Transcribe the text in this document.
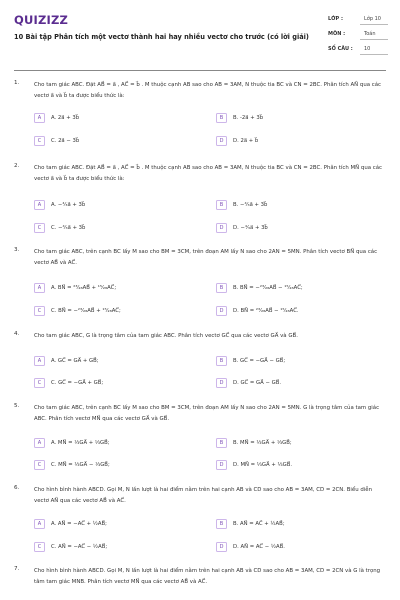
QUIZIZZ
10 Bài tập Phân tích một vectơ thành hai hay nhiều vectơ cho trước (có lời giải)
LỚP :	Lớp 10
MÔN :	Toán
SỐ CÂU : 10
1.	Cho tam giác ABC. Đặt AB⃗ = a⃗ , AC⃗ = b⃗ . M thuộc cạnh AB sao cho AB = 3AM, N thuộc tia BC và CN = 2BC. Phân tích AN⃗ qua các vectơ a⃗ và b⃗ ta được biểu thức là:
A	A. 2a⃗ + 3b⃗	B	B. -2a⃗ + 3b⃗
C	C. 2a⃗ − 3b⃗	D	D. 2a⃗ + b⃗
2.	Cho tam giác ABC. Đặt AB⃗ = a⃗ , AC⃗ = b⃗ . M thuộc cạnh AB sao cho AB = 3AM, N thuộc tia BC và CN = 2BC. Phân tích MN⃗ qua các vectơ a⃗ và b⃗ ta được biểu thức là:
A	A. −⁴⁄₃a⃗ + 3b⃗	B	B. −⁴⁄₃a⃗ + 3b⃗
C	C. −⁴⁄₃a⃗ + 3b⃗	D	D. −⁴⁄₃a⃗ + 3b⃗
3.	Cho tam giác ABC, trên cạnh BC lấy M sao cho BM = 3CM, trên đoạn AM lấy N sao cho 2AN = 5MN. Phân tích vectơ BN⃗ qua các vectơ AB⃗ và AC⃗.
A	A. BN⃗ = ²³⁄₂₈AB⃗ + ¹⁵⁄₂₈AC⃗;	B	B. BN⃗ = −²³⁄₂₈AB⃗ − ¹⁵⁄₂₈AC⃗;
C	C. BN⃗ = −²³⁄₂₈AB⃗ + ¹⁵⁄₂₈AC⃗;	D	D. BN⃗ = ²³⁄₂₈AB⃗ − ¹⁵⁄₂₈AC⃗.
4.	Cho tam giác ABC, G là trọng tâm của tam giác ABC. Phân tích vectơ GC⃗ qua các vectơ GA⃗ và GB⃗.
A	A. GC⃗ = GA⃗ + GB⃗;	B	B. GC⃗ = −GA⃗ − GB⃗;
C	C. GC⃗ = −GA⃗ + GB⃗;	D	D. GC⃗ = GA⃗ − GB⃗.
5.	Cho tam giác ABC, trên cạnh BC lấy M sao cho BM = 3CM, trên đoạn AM lấy N sao cho 2AN = 5MN. G là trọng tâm của tam giác ABC. Phân tích vectơ MN⃗ qua các vectơ GA⃗ và GB⃗.
A	A. MN⃗ = ⅓GA⃗ + ⅓GB⃗;	B	B. MN⃗ = ⅓GA⃗ + ⅓GB⃗;
C	C. MN⃗ = ⅓GA⃗ − ⅓GB⃗;	D	D. MN⃗ = ⅓GA⃗ + ⅓GB⃗.
6.	Cho hình bình hành ABCD. Gọi M, N lần lượt là hai điểm nằm trên hai cạnh AB và CD sao cho AB = 3AM, CD = 2CN. Biểu diễn vectơ AN⃗ qua các vectơ AB⃗ và AC⃗.
A	A. AN⃗ = −AC⃗ + ½AB⃗;	B	B. AN⃗ = AC⃗ + ½AB⃗;
C	C. AN⃗ = −AC⃗ − ½AB⃗;	D	D. AN⃗ = AC⃗ − ½AB⃗.
7.	Cho hình bình hành ABCD. Gọi M, N lần lượt là hai điểm nằm trên hai cạnh AB và CD sao cho AB = 3AM, CD = 2CN và G là trọng tâm tam giác MNB. Phân tích vectơ MN⃗ qua các vectơ AB⃗ và AC⃗.
